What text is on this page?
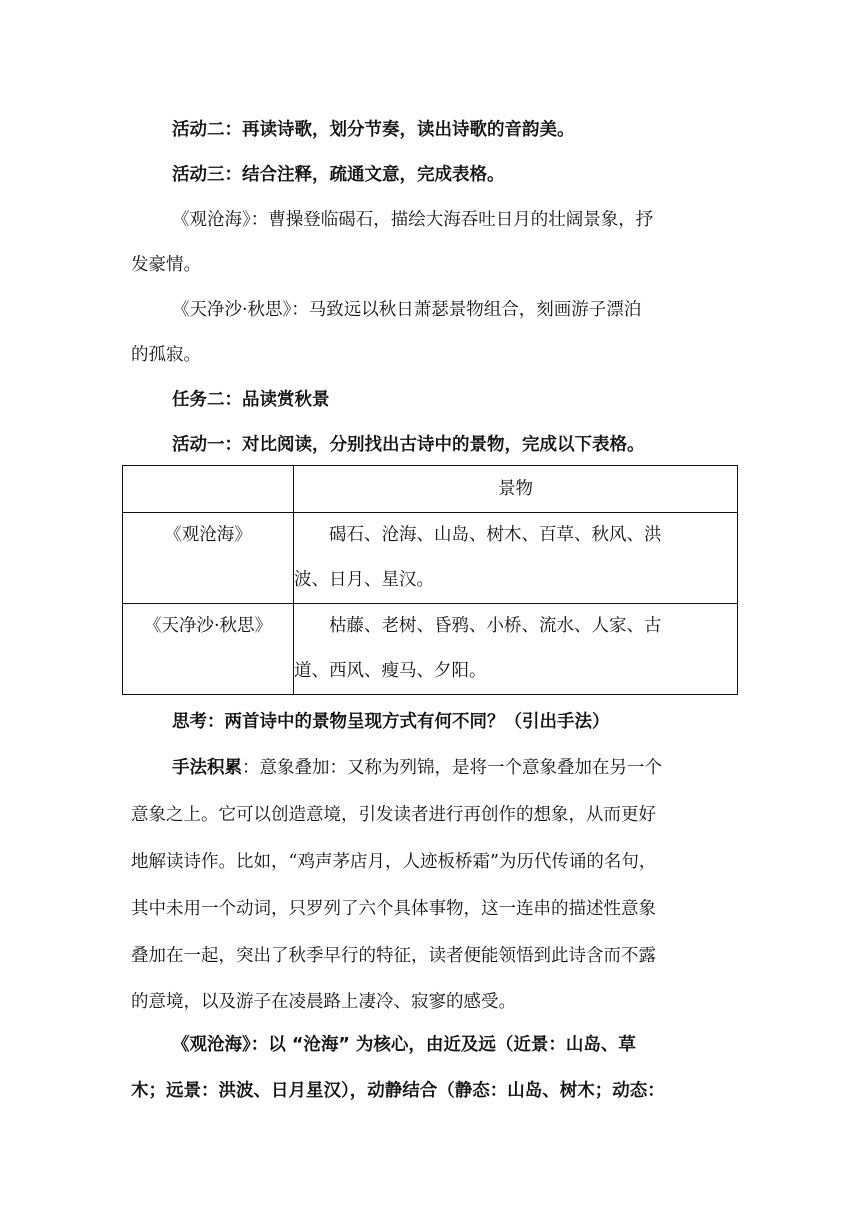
活动二：再读诗歌，划分节奏，读出诗歌的音韵美。
活动三：结合注释，疏通文意，完成表格。
《观沧海》：曹操登临碣石，描绘大海吞吐日月的壮阔景象，抒
发豪情。
《天净沙·秋思》：马致远以秋日萧瑟景物组合，刻画游子漂泊
的孤寂。
任务二：品读赏秋景
活动一：对比阅读，分别找出古诗中的景物，完成以下表格。
	景物
《观沧海》	碣石、沧海、山岛、树木、百草、秋风、洪
波、日月、星汉。
《天净沙·秋思》	枯藤、老树、昏鸦、小桥、流水、人家、古
道、西风、瘦马、夕阳。
思考：两首诗中的景物呈现方式有何不同？（引出手法）
手法积累：意象叠加：又称为列锦，是将一个意象叠加在另一个
意象之上。它可以创造意境，引发读者进行再创作的想象，从而更好
地解读诗作。比如，“鸡声茅店月，人迹板桥霜”为历代传诵的名句，
其中未用一个动词，只罗列了六个具体事物，这一连串的描述性意象
叠加在一起，突出了秋季早行的特征，读者便能领悟到此诗含而不露
的意境，以及游子在凌晨路上凄冷、寂寥的感受。
《观沧海》：以 “沧海” 为核心，由近及远（近景：山岛、草
木；远景：洪波、日月星汉），动静结合（静态：山岛、树木；动态：
